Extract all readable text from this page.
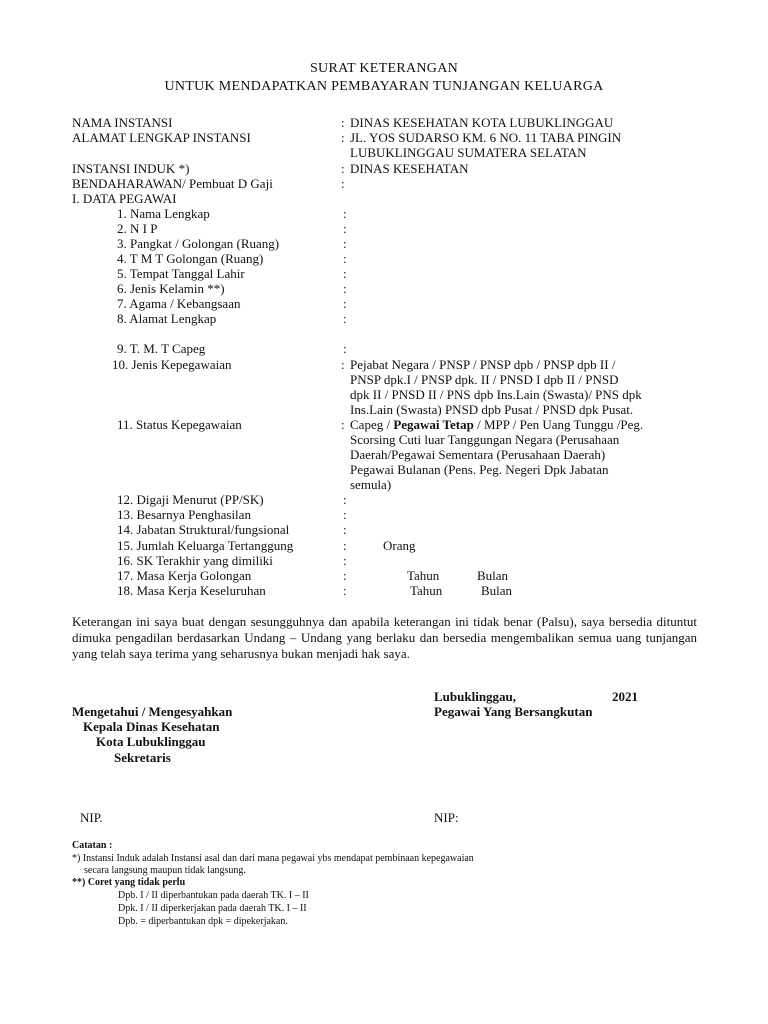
SURAT KETERANGAN
UNTUK MENDAPATKAN PEMBAYARAN TUNJANGAN KELUARGA
NAMA INSTANSI	: DINAS KESEHATAN KOTA LUBUKLINGGAU
ALAMAT LENGKAP INSTANSI	: JL. YOS SUDARSO KM. 6 NO. 11 TABA PINGIN
LUBUKLINGGAU SUMATERA SELATAN
INSTANSI INDUK *)	: DINAS KESEHATAN
BENDAHARAWAN/ Pembuat D Gaji	:
I. DATA PEGAWAI
1. Nama Lengkap	:
2. N I P	:
3. Pangkat / Golongan (Ruang)	:
4. T M T Golongan (Ruang)	:
5. Tempat Tanggal Lahir	:
6. Jenis Kelamin **)	:
7. Agama / Kebangsaan	:
8. Alamat Lengkap	:
9. T. M. T Capeg	:
10. Jenis Kepegawaian	: Pejabat Negara / PNSP / PNSP dpb / PNSP dpb II /
PNSP dpk.I / PNSP dpk. II / PNSD I dpb II / PNSD
dpk II / PNSD II / PNS dpb Ins.Lain (Swasta)/ PNS dpk
Ins.Lain (Swasta) PNSD dpb Pusat / PNSD dpk Pusat.
11. Status Kepegawaian	: Capeg / Pegawai Tetap / MPP / Pen Uang Tunggu /Peg.
Scorsing Cuti luar Tanggungan Negara (Perusahaan
Daerah/Pegawai Sementara (Perusahaan Daerah)
Pegawai Bulanan (Pens. Peg. Negeri Dpk Jabatan
semula)
12. Digaji Menurut (PP/SK)	:
13. Besarnya Penghasilan	:
14. Jabatan Struktural/fungsional	:
15. Jumlah Keluarga Tertanggung	:	Orang
16. SK Terakhir yang dimiliki	:
17. Masa Kerja Golongan	:	Tahun	Bulan
18. Masa Kerja Keseluruhan	:	Tahun	Bulan
Keterangan ini saya buat dengan sesungguhnya dan apabila keterangan ini tidak benar (Palsu), saya bersedia dituntut dimuka pengadilan berdasarkan Undang – Undang yang berlaku dan bersedia mengembalikan semua uang tunjangan yang telah saya terima yang seharusnya bukan menjadi hak saya.
Lubuklinggau,	2021
Mengetahui / Mengesyahkan	Pegawai Yang Bersangkutan
Kepala Dinas Kesehatan
Kota Lubuklinggau
Sekretaris
NIP.	NIP:
Catatan :
*) Instansi Induk adalah Instansi asal dan dari mana pegawai ybs mendapat pembinaan kepegawaian
secara langsung maupun tidak langsung.
**) Coret yang tidak perlu
Dpb. I / II diperbantukan pada daerah TK. I – II
Dpk. I / II diperkerjakan pada daerah TK. I – II
Dpb. = diperbantukan dpk = dipekerjakan.
